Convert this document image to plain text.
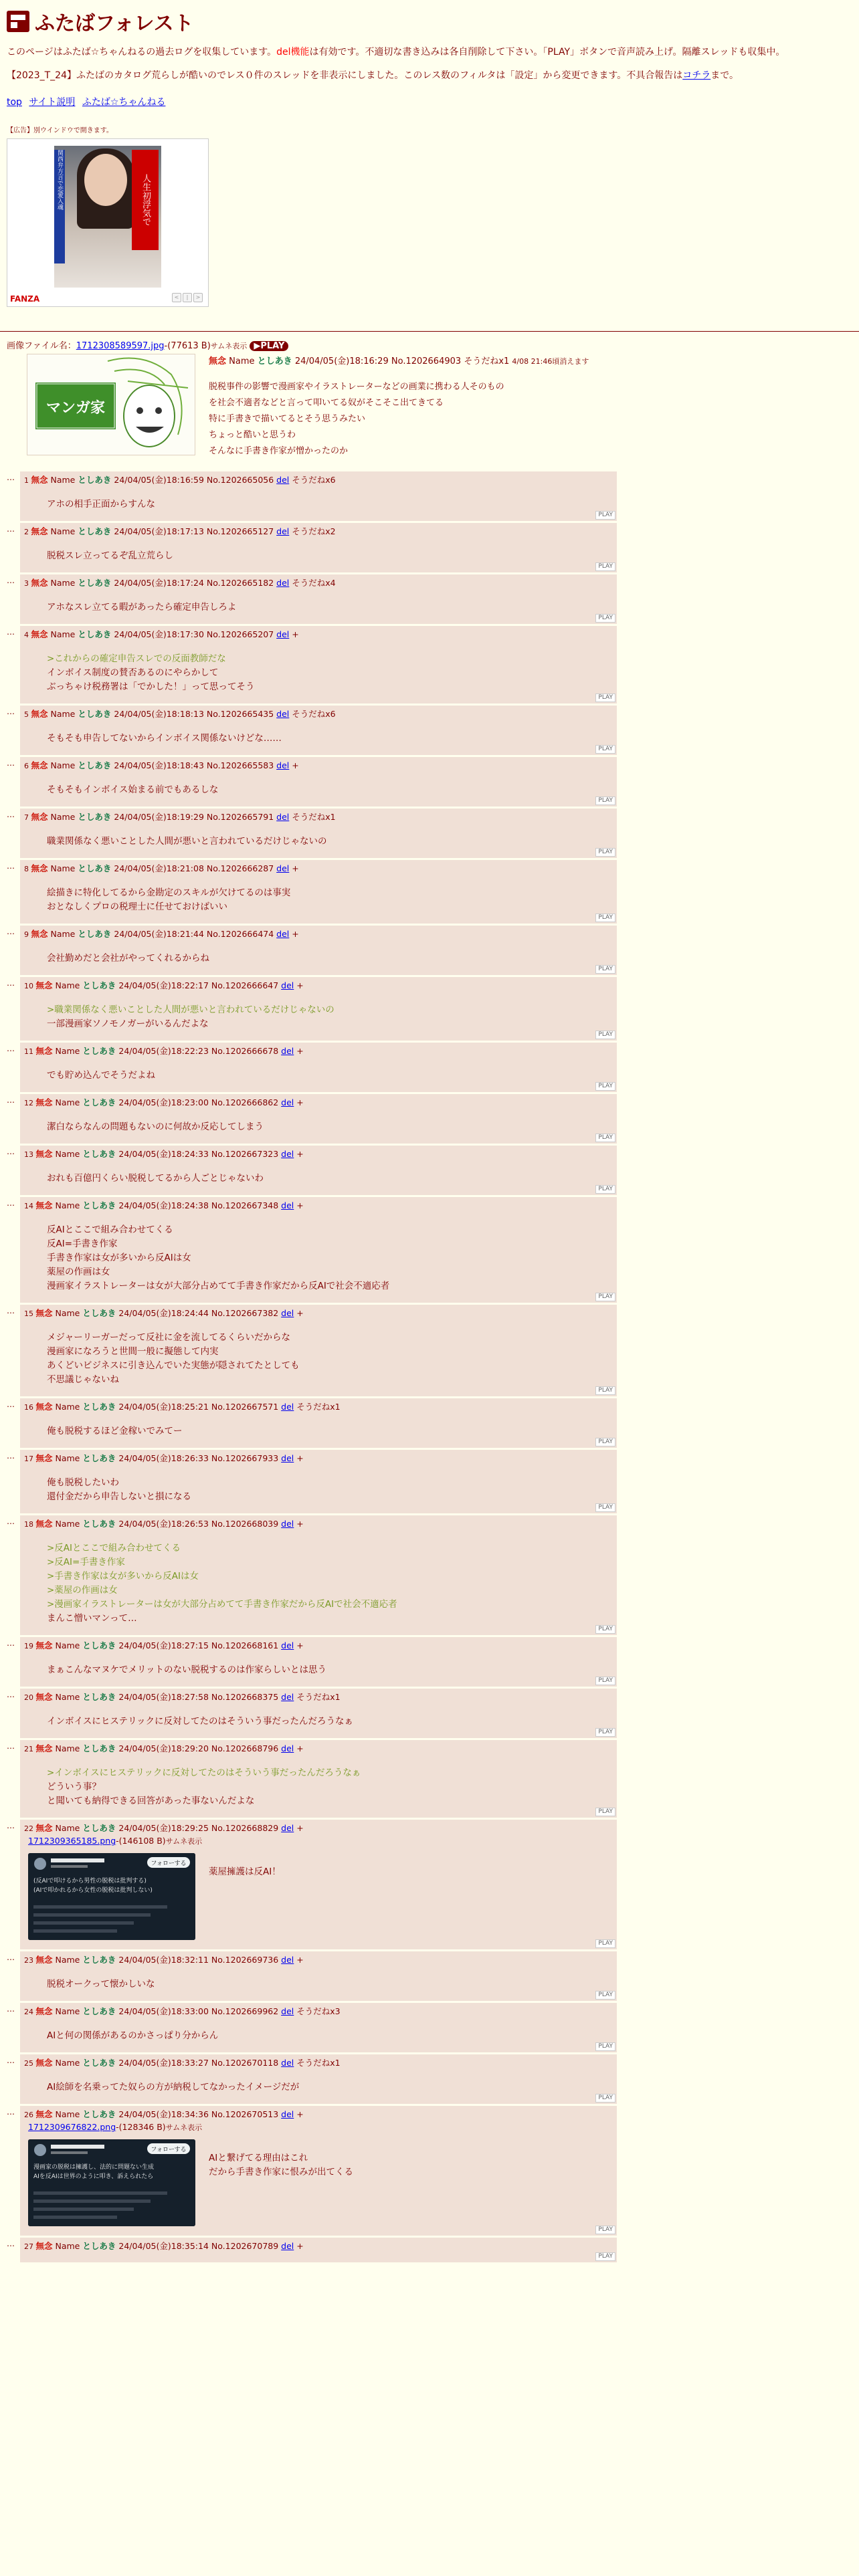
ふたばフォレスト

このページはふたば☆ちゃんねるの過去ログを収集しています。del機能は有効です。不適切な書き込みは各自削除して下さい。「PLAY」ボタンで音声読み上げ。隔離スレッドも収集中。

【2023_T_24】ふたばのカタログ荒らしが酷いのでレス０件のスレッドを非表示にしました。このレス数のフィルタは「設定」から変更できます。不具合報告はコチラまで。

top サイト説明 ふたば☆ちゃんねる
【広告】別ウインドウで開きます。
関西弁方言で恋愛入魂	人生初浮気で
FANZA	<	|	>
画像ファイル名：1712308589597.jpg-(77613 B)サムネ表示 ▶PLAY
マンガ家
無念 Name としあき 24/04/05(金)18:16:29 No.1202664903 そうだねx1 4/08 21:46頃消えます
脱税事件の影響で漫画家やイラストレーターなどの画業に携わる人そのもの
を社会不適者などと言って叩いてる奴がそこそこ出てきてる
特に手書きで描いてるとそう思うみたい
ちょっと酷いと思うわ
そんなに手書き作家が憎かったのか
…	1 無念 Name としあき 24/04/05(金)18:16:59 No.1202665056 del そうだねx6
アホの相手正面からすんな
PLAY
…	2 無念 Name としあき 24/04/05(金)18:17:13 No.1202665127 del そうだねx2
脱税スレ立ってるぞ乱立荒らし
PLAY
…	3 無念 Name としあき 24/04/05(金)18:17:24 No.1202665182 del そうだねx4
アホなスレ立てる暇があったら確定申告しろよ
PLAY
…	4 無念 Name としあき 24/04/05(金)18:17:30 No.1202665207 del +
>これからの確定申告スレでの反面教師だな
インボイス制度の賛否あるのにやらかして
ぶっちゃけ税務署は「でかした！」って思ってそう
PLAY
…	5 無念 Name としあき 24/04/05(金)18:18:13 No.1202665435 del そうだねx6
そもそも申告してないからインボイス関係ないけどな……
PLAY
…	6 無念 Name としあき 24/04/05(金)18:18:43 No.1202665583 del +
そもそもインボイス始まる前でもあるしな
PLAY
…	7 無念 Name としあき 24/04/05(金)18:19:29 No.1202665791 del そうだねx1
職業関係なく悪いことした人間が悪いと言われているだけじゃないの
PLAY
…	8 無念 Name としあき 24/04/05(金)18:21:08 No.1202666287 del +
絵描きに特化してるから金勘定のスキルが欠けてるのは事実
おとなしくプロの税理士に任せておけばいい
PLAY
…	9 無念 Name としあき 24/04/05(金)18:21:44 No.1202666474 del +
会社勤めだと会社がやってくれるからね
PLAY
…	10 無念 Name としあき 24/04/05(金)18:22:17 No.1202666647 del +
>職業関係なく悪いことした人間が悪いと言われているだけじゃないの
一部漫画家ソノモノガーがいるんだよな
PLAY
…	11 無念 Name としあき 24/04/05(金)18:22:23 No.1202666678 del +
でも貯め込んでそうだよね
PLAY
…	12 無念 Name としあき 24/04/05(金)18:23:00 No.1202666862 del +
潔白ならなんの問題もないのに何故か反応してしまう
PLAY
…	13 無念 Name としあき 24/04/05(金)18:24:33 No.1202667323 del +
おれも百億円くらい脱税してるから人ごとじゃないわ
PLAY
…	14 無念 Name としあき 24/04/05(金)18:24:38 No.1202667348 del +
反AIとここで組み合わせてくる
反AI=手書き作家
手書き作家は女が多いから反AIは女
薬屋の作画は女
漫画家イラストレーターは女が大部分占めてて手書き作家だから反AIで社会不適応者
PLAY
…	15 無念 Name としあき 24/04/05(金)18:24:44 No.1202667382 del +
メジャーリーガーだって反社に金を流してるくらいだからな
漫画家になろうと世間一般に擬態して内実
あくどいビジネスに引き込んでいた実態が隠されてたとしても
不思議じゃないね
PLAY
…	16 無念 Name としあき 24/04/05(金)18:25:21 No.1202667571 del そうだねx1
俺も脱税するほど金稼いでみてー
PLAY
…	17 無念 Name としあき 24/04/05(金)18:26:33 No.1202667933 del +
俺も脱税したいわ
還付金だから申告しないと損になる
PLAY
…	18 無念 Name としあき 24/04/05(金)18:26:53 No.1202668039 del +
>反AIとここで組み合わせてくる
>反AI=手書き作家
>手書き作家は女が多いから反AIは女
>薬屋の作画は女
>漫画家イラストレーターは女が大部分占めてて手書き作家だから反AIで社会不適応者
まんこ憎いマンって…
PLAY
…	19 無念 Name としあき 24/04/05(金)18:27:15 No.1202668161 del +
まぁこんなマヌケでメリットのない脱税するのは作家らしいとは思う
PLAY
…	20 無念 Name としあき 24/04/05(金)18:27:58 No.1202668375 del そうだねx1
インボイスにヒステリックに反対してたのはそういう事だったんだろうなぁ
PLAY
…	21 無念 Name としあき 24/04/05(金)18:29:20 No.1202668796 del +
>インボイスにヒステリックに反対してたのはそういう事だったんだろうなぁ
どういう事？
と聞いても納得できる回答があった事ないんだよな
PLAY
…	22 無念 Name としあき 24/04/05(金)18:29:25 No.1202668829 del +
1712309365185.png-(146108 B)サムネ表示
フォローする
(反AIで叩けるから男性の脱税は批判する)
(AIで叩かれるから女性の脱税は批判しない)
薬屋擁護は反AI！
PLAY
…	23 無念 Name としあき 24/04/05(金)18:32:11 No.1202669736 del +
脱税オークって懐かしいな
PLAY
…	24 無念 Name としあき 24/04/05(金)18:33:00 No.1202669962 del そうだねx3
AIと何の関係があるのかさっぱり分からん
PLAY
…	25 無念 Name としあき 24/04/05(金)18:33:27 No.1202670118 del そうだねx1
AI絵師を名乗ってた奴らの方が納税してなかったイメージだが
PLAY
…	26 無念 Name としあき 24/04/05(金)18:34:36 No.1202670513 del +
1712309676822.png-(128346 B)サムネ表示
フォローする
漫画家の脱税は擁護し、法的に問題ない生成
AIを反AIは世界のように叩き、訴えられたら
AIと繋げてる理由はこれ
だから手書き作家に恨みが出てくる
PLAY
…	27 無念 Name としあき 24/04/05(金)18:35:14 No.1202670789 del +
PLAY
